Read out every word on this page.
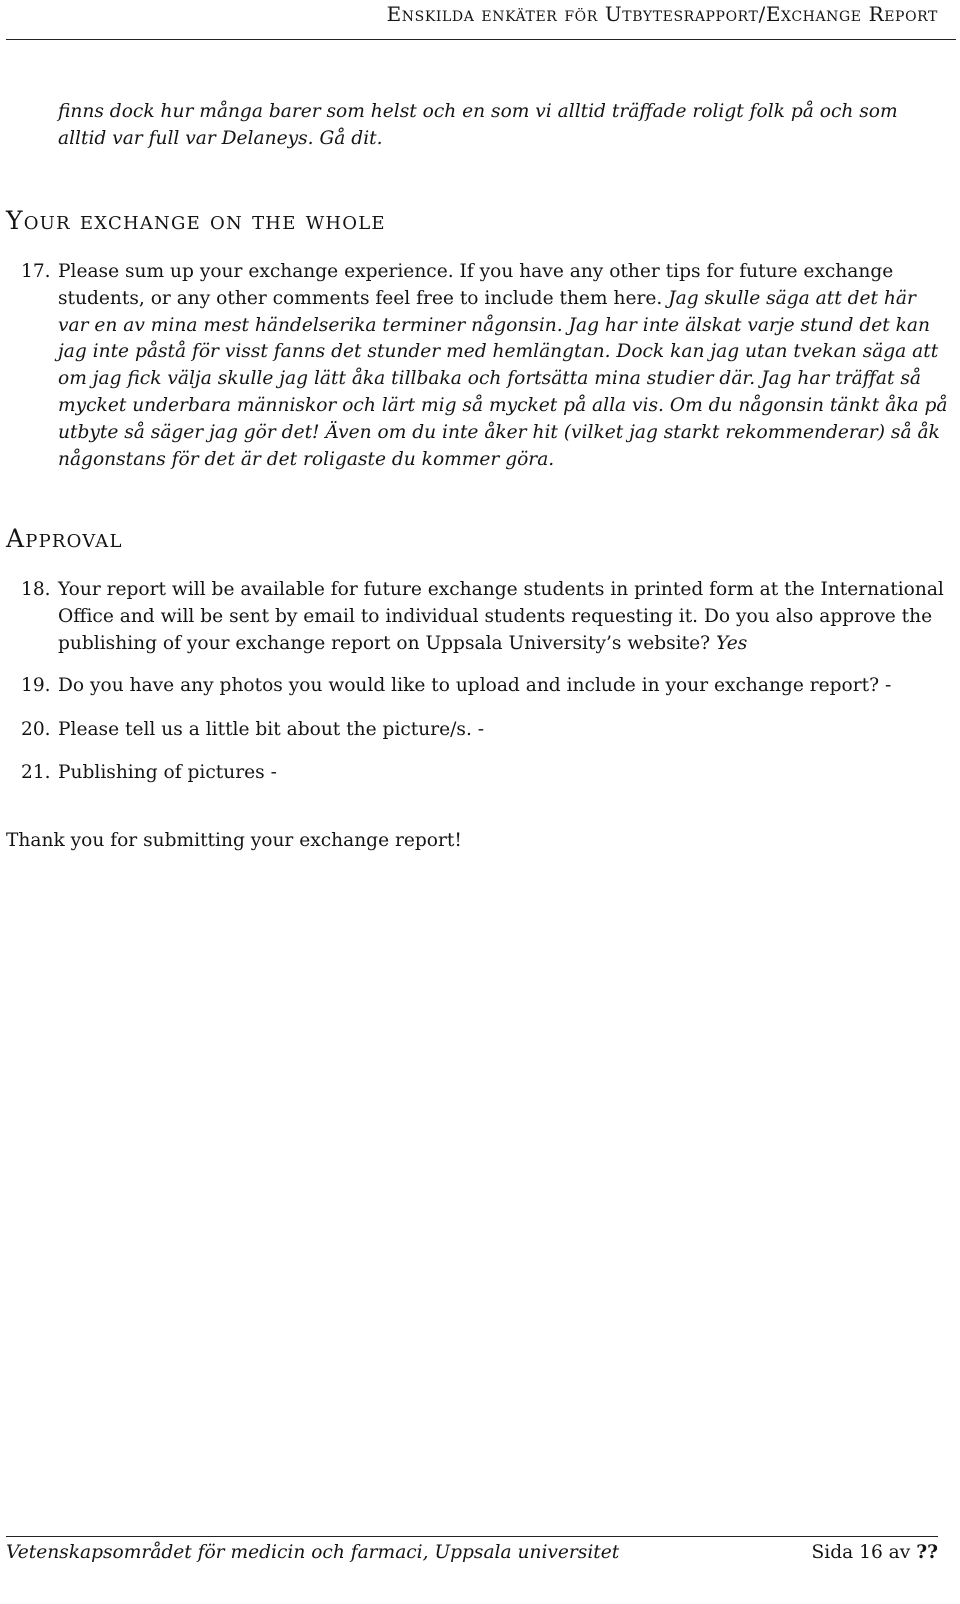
Enskilda enkäter för Utbytesrapport/Exchange Report
finns dock hur många barer som helst och en som vi alltid träffade roligt folk på och som alltid var full var Delaneys. Gå dit.
Your exchange on the whole
17. Please sum up your exchange experience. If you have any other tips for future exchange students, or any other comments feel free to include them here. Jag skulle säga att det här var en av mina mest händelserika terminer någonsin. Jag har inte älskat varje stund det kan jag inte påstå för visst fanns det stunder med hemlängtan. Dock kan jag utan tvekan säga att om jag fick välja skulle jag lätt åka tillbaka och fortsätta mina studier där. Jag har träffat så mycket underbara människor och lärt mig så mycket på alla vis. Om du någonsin tänkt åka på utbyte så säger jag gör det! Även om du inte åker hit (vilket jag starkt rekommenderar) så åk någonstans för det är det roligaste du kommer göra.
Approval
18. Your report will be available for future exchange students in printed form at the International Office and will be sent by email to individual students requesting it. Do you also approve the publishing of your exchange report on Uppsala University’s website? Yes
19. Do you have any photos you would like to upload and include in your exchange report? -
20. Please tell us a little bit about the picture/s. -
21. Publishing of pictures -
Thank you for submitting your exchange report!
Vetenskapsområdet för medicin och farmaci, Uppsala universitet	Sida 16 av ??
